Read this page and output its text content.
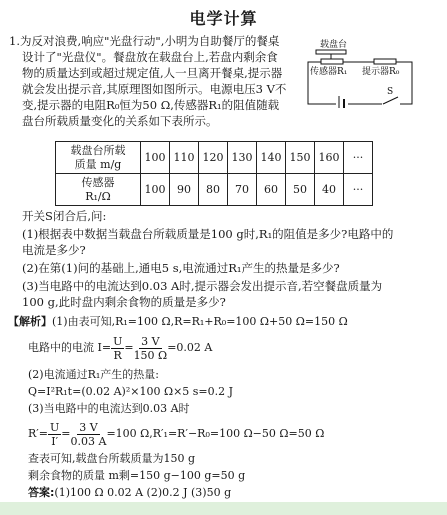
电学计算
载盘台
传感器R₁ 提示器R₀
S
1.为反对浪费,响应"光盘行动",小明为自助餐厅的餐桌
设计了"光盘仪"。餐盘放在载盘台上,若盘内剩余食
物的质量达到或超过规定值,人一旦离开餐桌,提示器
就会发出提示音,其原理图如图所示。电源电压3 V不
变,提示器的电阻R₀恒为50 Ω,传感器R₁的阻值随载
盘台所载质量变化的关系如下表所示。
载盘台所载
质量 m/g	100	110	120	130	140	150	160	···
传感器
R₁/Ω	100	90	80	70	60	50	40	···
开关S闭合后,问:
(1)根据表中数据当载盘台所载质量是100 g时,R₁的阻值是多少?电路中的
电流是多少?
(2)在第(1)问的基础上,通电5 s,电流通过R₁产生的热量是多少?
(3)当电路中的电流达到0.03 A时,提示器会发出提示音,若空餐盘质量为
100 g,此时盘内剩余食物的质量是多少?
【解析】(1)由表可知,R₁=100 Ω,R=R₁+R₀=100 Ω+50 Ω=150 Ω
电路中的电流 $I= \frac{U}{R} = \frac{3 V}{150 \Omega} =0.02$ A
(2)电流通过R₁产生的热量:
Q=I²R₁t=(0.02 A)²×100 Ω×5 s=0.2 J
(3)当电路中的电流达到0.03 A时
$R'= \frac{U}{I'} = \frac{3 V}{0.03 A} =100$ Ω,R′₁=R′−R₀=100 Ω−50 Ω=50 Ω
查表可知,载盘台所载质量为150 g
剩余食物的质量 m剩=150 g−100 g=50 g
答案:(1)100 Ω 0.02 A (2)0.2 J (3)50 g
